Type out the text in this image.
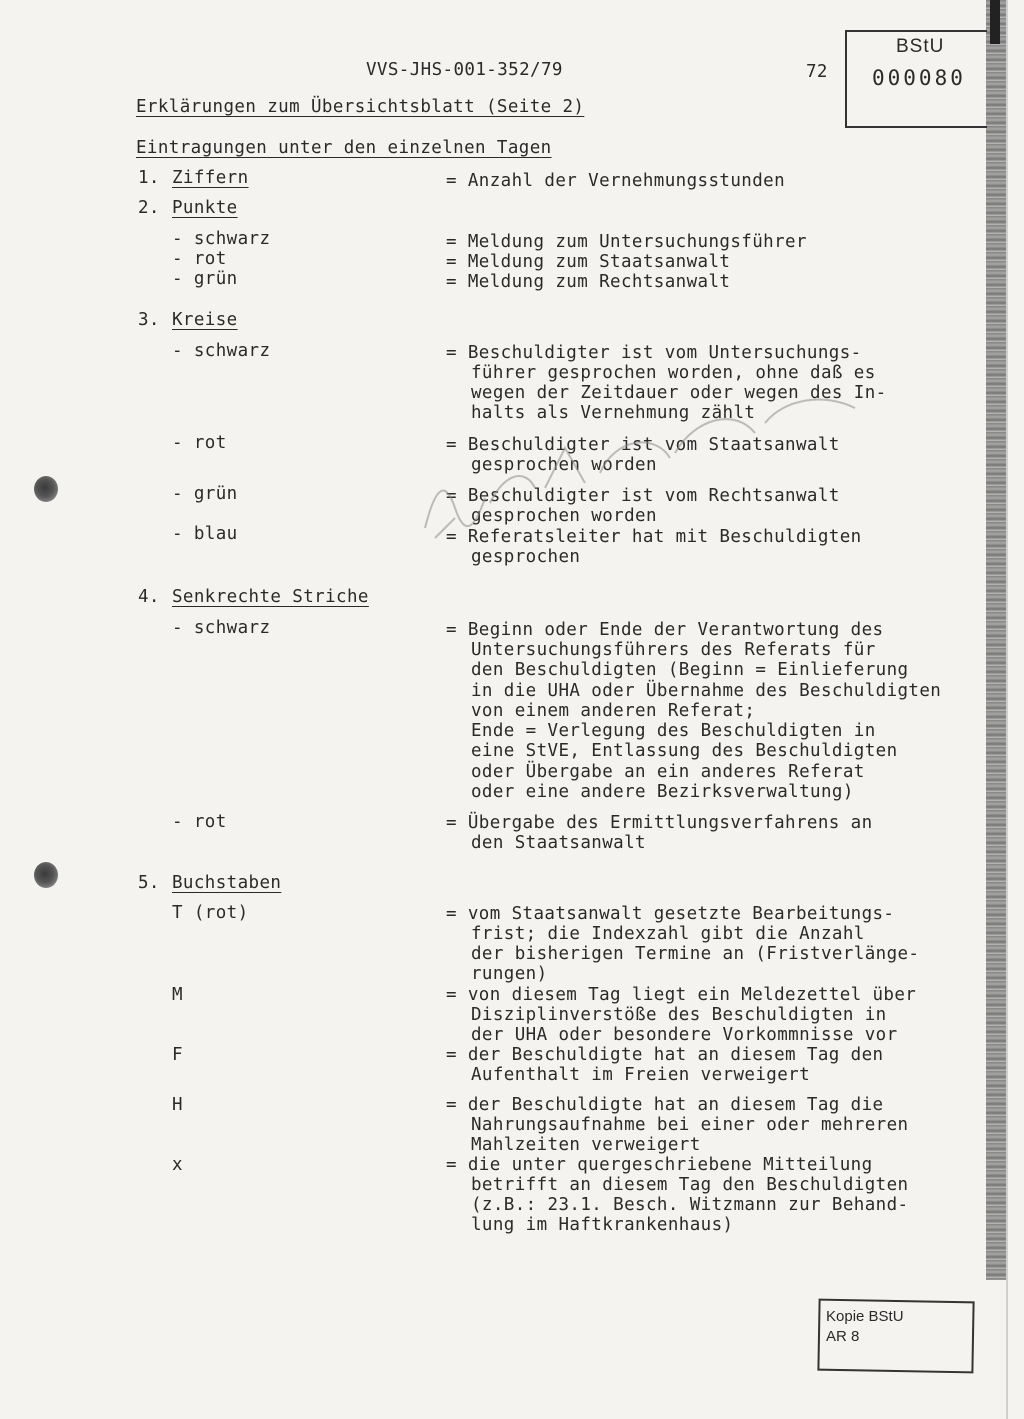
VVS-JHS-001-352/79	72
BStU
000080
Erklärungen zum Übersichtsblatt (Seite 2)
Eintragungen unter den einzelnen Tagen
1. Ziffern	= Anzahl der Vernehmungsstunden
2. Punkte
- schwarz	= Meldung zum Untersuchungsführer
- rot	= Meldung zum Staatsanwalt
- grün	= Meldung zum Rechtsanwalt
3. Kreise
- schwarz	= Beschuldigter ist vom Untersuchungs-
führer gesprochen worden, ohne daß es
wegen der Zeitdauer oder wegen des In-
halts als Vernehmung zählt
- rot	= Beschuldigter ist vom Staatsanwalt
gesprochen worden
- grün	= Beschuldigter ist vom Rechtsanwalt
gesprochen worden
- blau	= Referatsleiter hat mit Beschuldigten
gesprochen
4. Senkrechte Striche
- schwarz	= Beginn oder Ende der Verantwortung des
Untersuchungsführers des Referats für
den Beschuldigten (Beginn = Einlieferung
in die UHA oder Übernahme des Beschuldigten
von einem anderen Referat;
Ende = Verlegung des Beschuldigten in
eine StVE, Entlassung des Beschuldigten
oder Übergabe an ein anderes Referat
oder eine andere Bezirksverwaltung)
- rot	= Übergabe des Ermittlungsverfahrens an
den Staatsanwalt
5. Buchstaben
T (rot)	= vom Staatsanwalt gesetzte Bearbeitungs-
frist; die Indexzahl gibt die Anzahl
der bisherigen Termine an (Fristverlänge-
rungen)
M	= von diesem Tag liegt ein Meldezettel über
Disziplinverstöße des Beschuldigten in
der UHA oder besondere Vorkommnisse vor
F	= der Beschuldigte hat an diesem Tag den
Aufenthalt im Freien verweigert
H	= der Beschuldigte hat an diesem Tag die
Nahrungsaufnahme bei einer oder mehreren
Mahlzeiten verweigert
x	= die unter quergeschriebene Mitteilung
betrifft an diesem Tag den Beschuldigten
(z.B.: 23.1. Besch. Witzmann zur Behand-
lung im Haftkrankenhaus)
Kopie BStU
AR 8
